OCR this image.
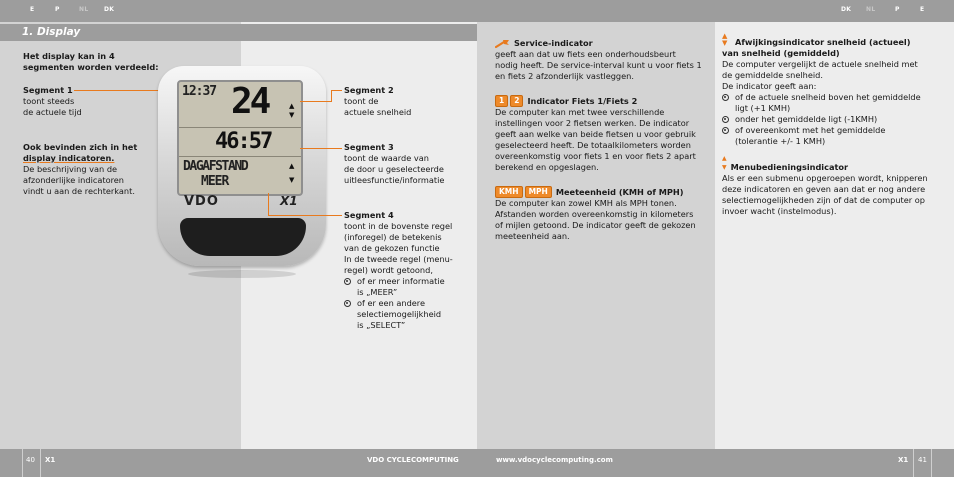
E	P	NL	DK	DK NL	P	E
1. Display
Het display kan in 4 segmenten worden verdeeld:
Segment 1
toont steeds
de actuele tijd
Ook bevinden zich in het
display indicatoren.
De beschrijving van de
afzonderlijke indicatoren
vindt u aan de rechterkant.
12:37 24	▲
▼
46:57
DAGAFSTAND
MEER
▲
▼
VDO	X1
Segment 2
toont de
actuele snelheid
Segment 3
toont de waarde van
de door u geselecteerde
uitleesfunctie/informatie
Segment 4
toont in de bovenste regel
(inforegel) de betekenis
van de gekozen functie
In de tweede regel (menu-
regel) wordt getoond,
of er meer informatie
is „MEER”
of er een andere
selectiemogelijkheid
is „SELECT”
Service-indicator
geeft aan dat uw fiets een onderhoudsbeurt
nodig heeft. De service-interval kunt u voor fiets 1
en fiets 2 afzonderlijk vastleggen.
1	2 Indicator Fiets 1/Fiets 2
De computer kan met twee verschillende
instellingen voor 2 fietsen werken. De indicator
geeft aan welke van beide fietsen u voor gebruik
geselecteerd heeft. De totaalkilometers worden
overeenkomstig voor fiets 1 en voor fiets 2 apart
berekend en opgeslagen.
KMH	MPH Meeteenheid (KMH of MPH)
De computer kan zowel KMH als MPH tonen.
Afstanden worden overeenkomstig in kilometers
of mijlen getoond. De indicator geeft de gekozen
meeteenheid aan.
▲
▼ Afwijkingsindicator snelheid (actueel)
van snelheid (gemiddeld)
De computer vergelijkt de actuele snelheid met
de gemiddelde snelheid.
De indicator geeft aan:
of de actuele snelheid boven het gemiddelde
ligt (+1 KMH)
onder het gemiddelde ligt (-1KMH)
of overeenkomt met het gemiddelde
(tolerantie +/- 1 KMH)
▲
▼ Menubedieningsindicator
Als er een submenu opgeroepen wordt, knipperen
deze indicatoren en geven aan dat er nog andere
selectiemogelijkheden zijn of dat de computer op
invoer wacht (instelmodus).
40 X1	VDO CYCLECOMPUTING	www.vdocyclecomputing.com	X1 41
